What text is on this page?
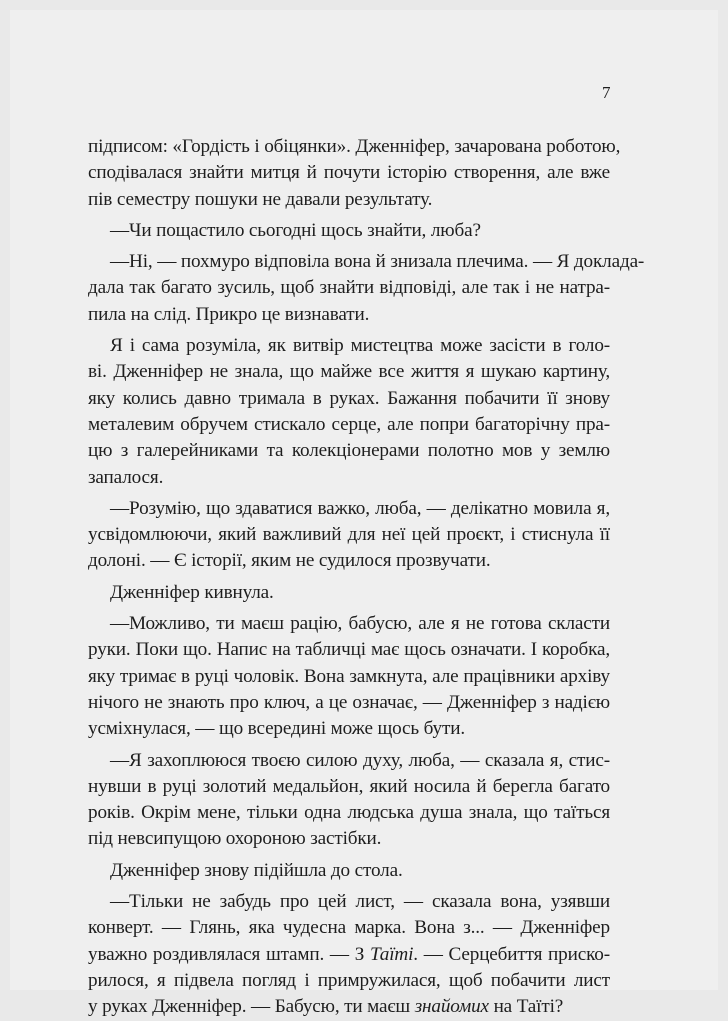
7
підписом: «Гордість і обіцянки». Дженніфер, зачарована роботою,
сподівалася знайти митця й почути історію створення, але вже
пів семестру пошуки не давали результату.
—Чи пощастило сьогодні щось знайти, люба?
—Ні, — похмуро відповіла вона й знизала плечима. — Я доклада-
дала так багато зусиль, щоб знайти відповіді, але так і не натра-
пила на слід. Прикро це визнавати.
Я і сама розуміла, як витвір мистецтва може засісти в голо-
ві. Дженніфер не знала, що майже все життя я шукаю картину,
яку колись давно тримала в руках. Бажання побачити її знову
металевим обручем стискало серце, але попри багаторічну пра-
цю з галерейниками та колекціонерами полотно мов у землю
запалося.
—Розумію, що здаватися важко, люба, — делікатно мовила я,
усвідомлюючи, який важливий для неї цей проєкт, і стиснула її
долоні. — Є історії, яким не судилося прозвучати.
Дженніфер кивнула.
—Можливо, ти маєш рацію, бабусю, але я не готова скласти
руки. Поки що. Напис на табличці має щось означати. І коробка,
яку тримає в руці чоловік. Вона замкнута, але працівники архіву
нічого не знають про ключ, а це означає, — Дженніфер з надією
усміхнулася, — що всередині може щось бути.
—Я захоплююся твоєю силою духу, люба, — сказала я, стис-
нувши в руці золотий медальйон, який носила й берегла багато
років. Окрім мене, тільки одна людська душа знала, що таїться
під невсипущою охороною застібки.
Дженніфер знову підійшла до стола.
—Тільки не забудь про цей лист, — сказала вона, узявши
конверт. — Глянь, яка чудесна марка. Вона з... — Дженніфер
уважно роздивлялася штамп. — З Таїті. — Серцебиття приско-
рилося, я підвела погляд і примружилася, щоб побачити лист
у руках Дженніфер. — Бабусю, ти маєш знайомих на Таїті?
